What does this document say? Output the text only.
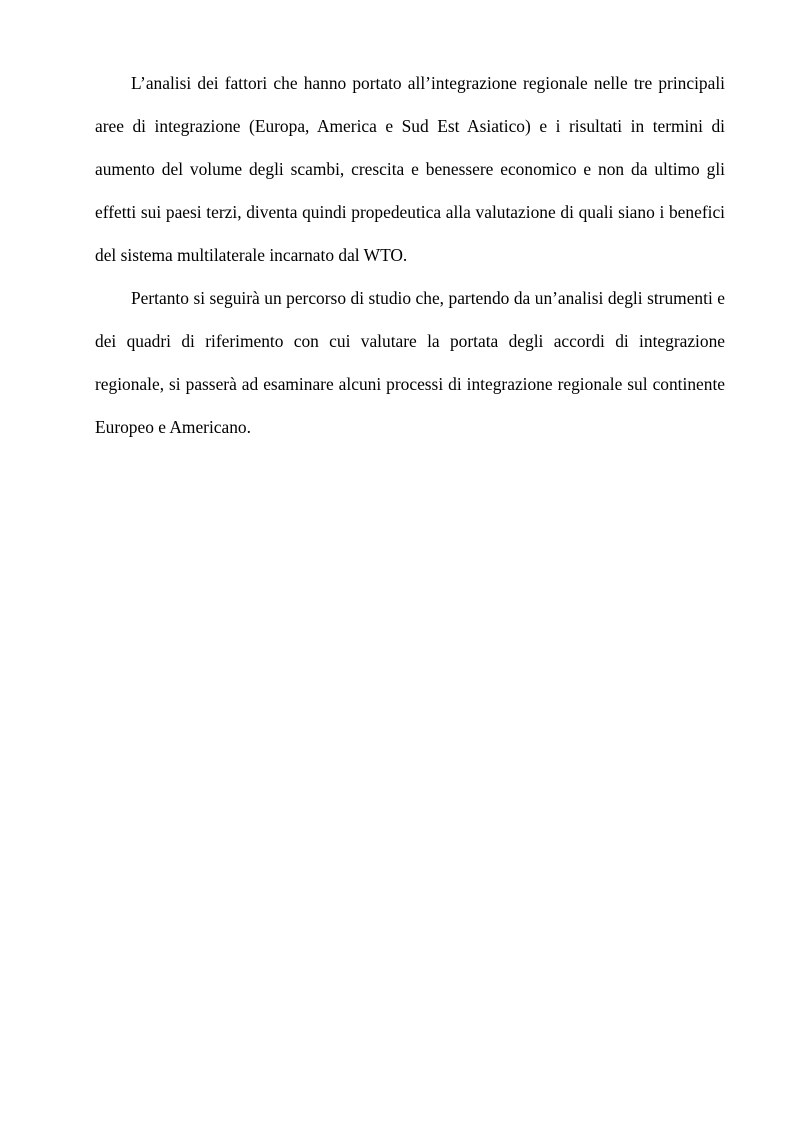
L’analisi dei fattori che hanno portato all’integrazione regionale nelle tre principali aree di integrazione (Europa, America e Sud Est Asiatico) e i risultati in termini di aumento del volume degli scambi, crescita e benessere economico e non da ultimo gli effetti sui paesi terzi, diventa quindi propedeutica alla valutazione di quali siano i benefici del sistema multilaterale incarnato dal WTO.

Pertanto si seguirà un percorso di studio che, partendo da un’analisi degli strumenti e dei quadri di riferimento con cui valutare la portata degli accordi di integrazione regionale, si passerà ad esaminare alcuni processi di integrazione regionale sul continente Europeo e Americano.
